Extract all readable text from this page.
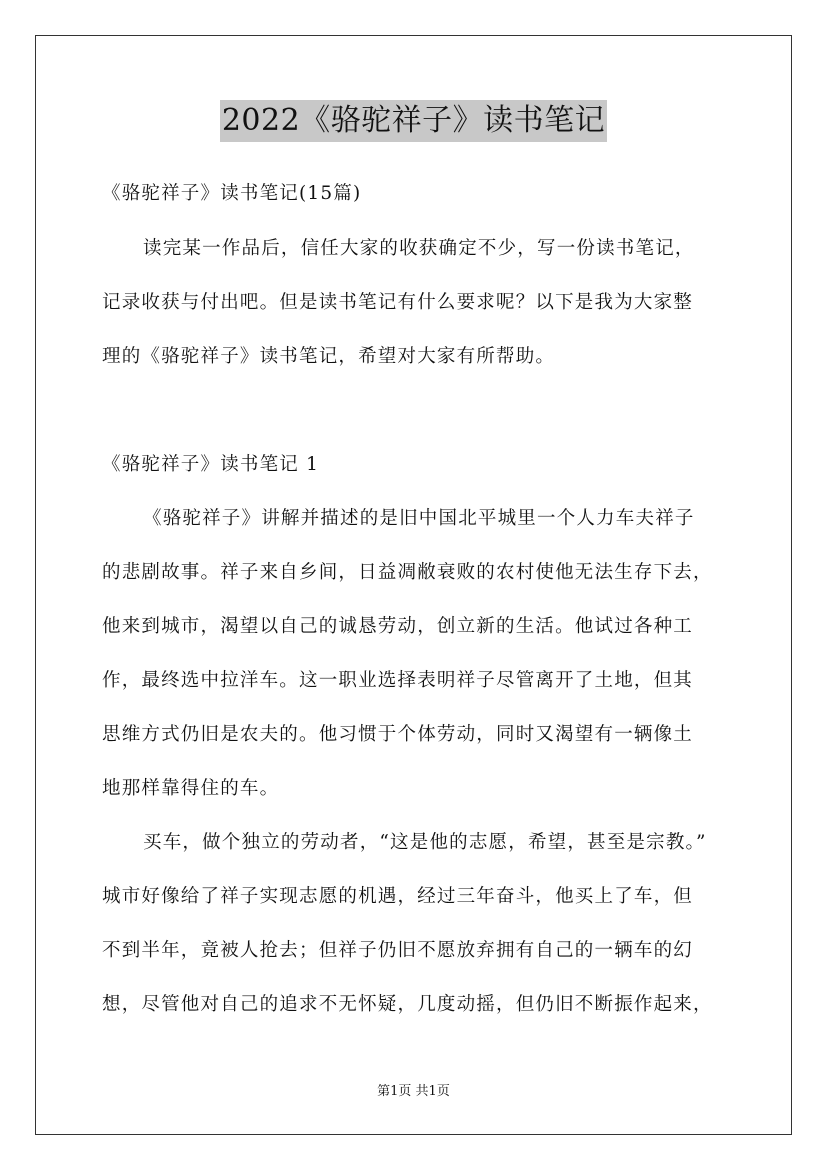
2022《骆驼祥子》读书笔记
《骆驼祥子》读书笔记(15篇)
读完某一作品后，信任大家的收获确定不少，写一份读书笔记，
记录收获与付出吧。但是读书笔记有什么要求呢？以下是我为大家整
理的《骆驼祥子》读书笔记，希望对大家有所帮助。
《骆驼祥子》读书笔记 1
《骆驼祥子》讲解并描述的是旧中国北平城里一个人力车夫祥子
的悲剧故事。祥子来自乡间，日益凋敝衰败的农村使他无法生存下去，
他来到城市，渴望以自己的诚恳劳动，创立新的生活。他试过各种工
作，最终选中拉洋车。这一职业选择表明祥子尽管离开了土地，但其
思维方式仍旧是农夫的。他习惯于个体劳动，同时又渴望有一辆像土
地那样靠得住的车。
买车，做个独立的劳动者，“这是他的志愿，希望，甚至是宗教。”
城市好像给了祥子实现志愿的机遇，经过三年奋斗，他买上了车，但
不到半年，竟被人抢去；但祥子仍旧不愿放弃拥有自己的一辆车的幻
想，尽管他对自己的追求不无怀疑，几度动摇，但仍旧不断振作起来，
第1页 共1页
